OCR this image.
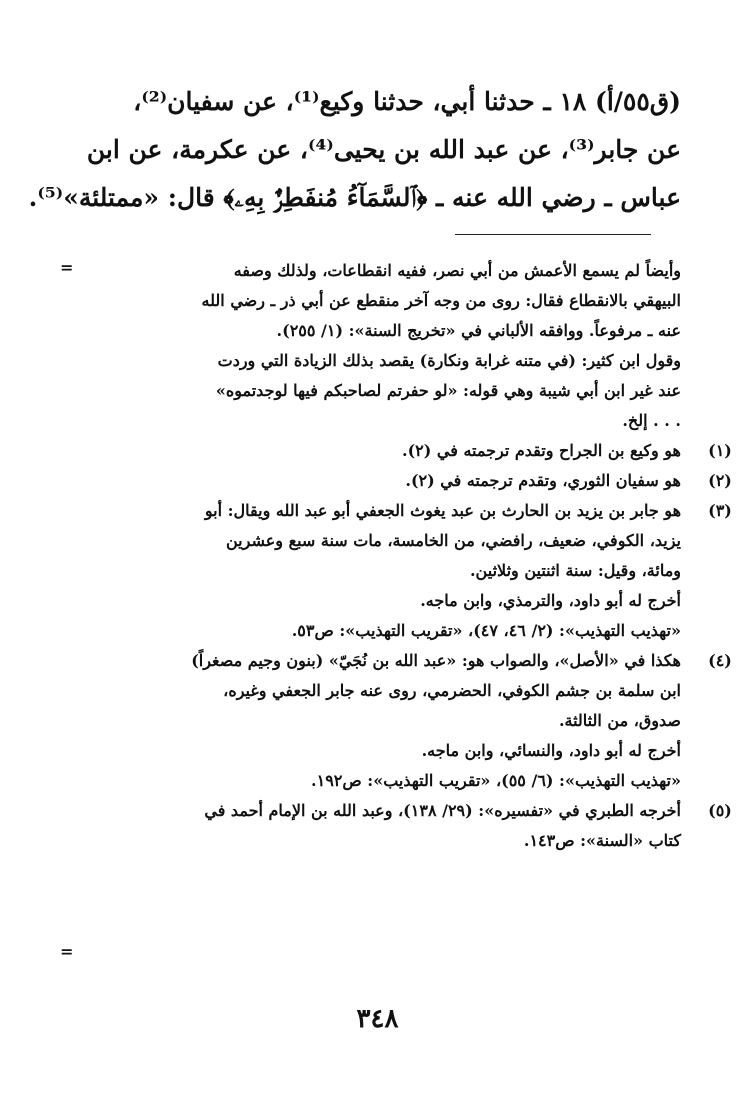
(ق٥٥/أ) ١٨ ـ حدثنا أبي، حدثنا وكيع⁽¹⁾، عن سفيان⁽²⁾،
عن جابر⁽³⁾، عن عبد الله بن يحيى⁽⁴⁾، عن عكرمة، عن ابن
عباس ـ رضي الله عنه ـ ﴿ٱلسَّمَآءُ مُنفَطِرٌۢ بِهِۦ﴾ قال: «ممتلئة»⁽⁵⁾.
=	وأيضاً لم يسمع الأعمش من أبي نصر، ففيه انقطاعات، ولذلك وصفه
البيهقي بالانقطاع فقال: روى من وجه آخر منقطع عن أبي ذر ـ رضي الله
عنه ـ مرفوعاً. ووافقه الألباني في «تخريج السنة»: (١/ ٢٥٥).
وقول ابن كثير: (في متنه غرابة ونكارة) يقصد بذلك الزيادة التي وردت
عند غير ابن أبي شيبة وهي قوله: «لو حفرتم لصاحبكم فيها لوجدتموه»
. . . إلخ.
(١)
هو وكيع بن الجراح وتقدم ترجمته في (٢).
(٢)
هو سفيان الثوري، وتقدم ترجمته في (٢).
(٣)
هو جابر بن يزيد بن الحارث بن عبد يغوث الجعفي أبو عبد الله ويقال: أبو
يزيد، الكوفي، ضعيف، رافضي، من الخامسة، مات سنة سبع وعشرين
ومائة، وقيل: سنة اثنتين وثلاثين.
أخرج له أبو داود، والترمذي، وابن ماجه.
«تهذيب التهذيب»: (٢/ ٤٦، ٤٧)، «تقريب التهذيب»: ص٥٣.
(٤)
هكذا في «الأصل»، والصواب هو: «عبد الله بن نُجَيّ» (بنون وجيم مصغراً)
ابن سلمة بن جشم الكوفي، الحضرمي، روى عنه جابر الجعفي وغيره،
صدوق، من الثالثة.
أخرج له أبو داود، والنسائي، وابن ماجه.
«تهذيب التهذيب»: (٦/ ٥٥)، «تقريب التهذيب»: ص١٩٢.
(٥)
أخرجه الطبري في «تفسيره»: (٢٩/ ١٣٨)، وعبد الله بن الإمام أحمد في
كتاب «السنة»: ص١٤٣.
=
٣٤٨
